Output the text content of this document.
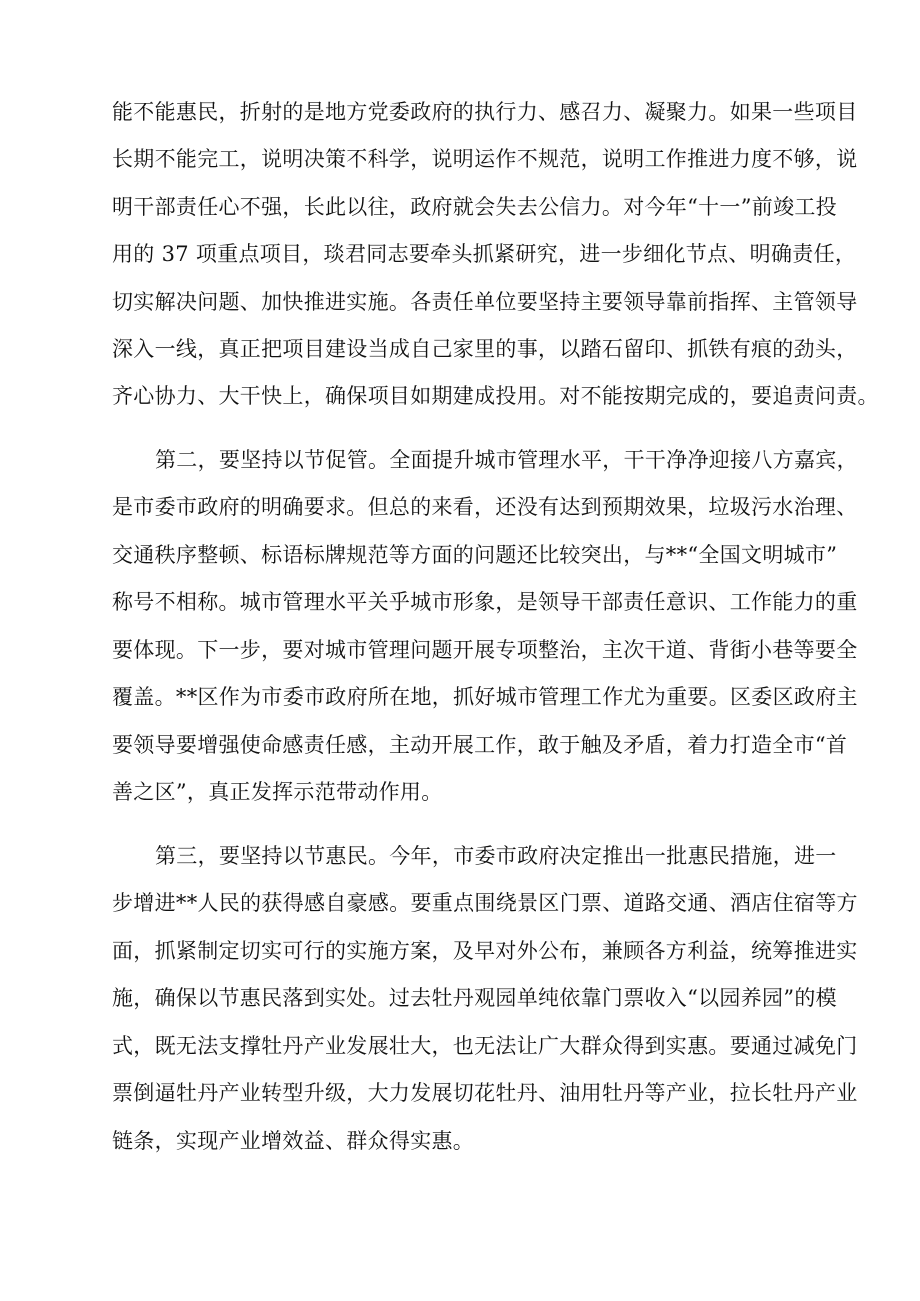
能不能惠民，折射的是地方党委政府的执行力、感召力、凝聚力。如果一些项目

长期不能完工，说明决策不科学，说明运作不规范，说明工作推进力度不够，说

明干部责任心不强，长此以往，政府就会失去公信力。对今年“十一”前竣工投

用的 37 项重点项目，琰君同志要牵头抓紧研究，进一步细化节点、明确责任，

切实解决问题、加快推进实施。各责任单位要坚持主要领导靠前指挥、主管领导

深入一线，真正把项目建设当成自己家里的事，以踏石留印、抓铁有痕的劲头，

齐心协力、大干快上，确保项目如期建成投用。对不能按期完成的，要追责问责。

第二，要坚持以节促管。全面提升城市管理水平，干干净净迎接八方嘉宾，

是市委市政府的明确要求。但总的来看，还没有达到预期效果，垃圾污水治理、

交通秩序整顿、标语标牌规范等方面的问题还比较突出，与**“全国文明城市”

称号不相称。城市管理水平关乎城市形象，是领导干部责任意识、工作能力的重

要体现。下一步，要对城市管理问题开展专项整治，主次干道、背街小巷等要全

覆盖。**区作为市委市政府所在地，抓好城市管理工作尤为重要。区委区政府主

要领导要增强使命感责任感，主动开展工作，敢于触及矛盾，着力打造全市“首

善之区”，真正发挥示范带动作用。

第三，要坚持以节惠民。今年，市委市政府决定推出一批惠民措施，进一

步增进**人民的获得感自豪感。要重点围绕景区门票、道路交通、酒店住宿等方

面，抓紧制定切实可行的实施方案，及早对外公布，兼顾各方利益，统筹推进实

施，确保以节惠民落到实处。过去牡丹观园单纯依靠门票收入“以园养园”的模

式，既无法支撑牡丹产业发展壮大，也无法让广大群众得到实惠。要通过减免门

票倒逼牡丹产业转型升级，大力发展切花牡丹、油用牡丹等产业，拉长牡丹产业

链条，实现产业增效益、群众得实惠。
